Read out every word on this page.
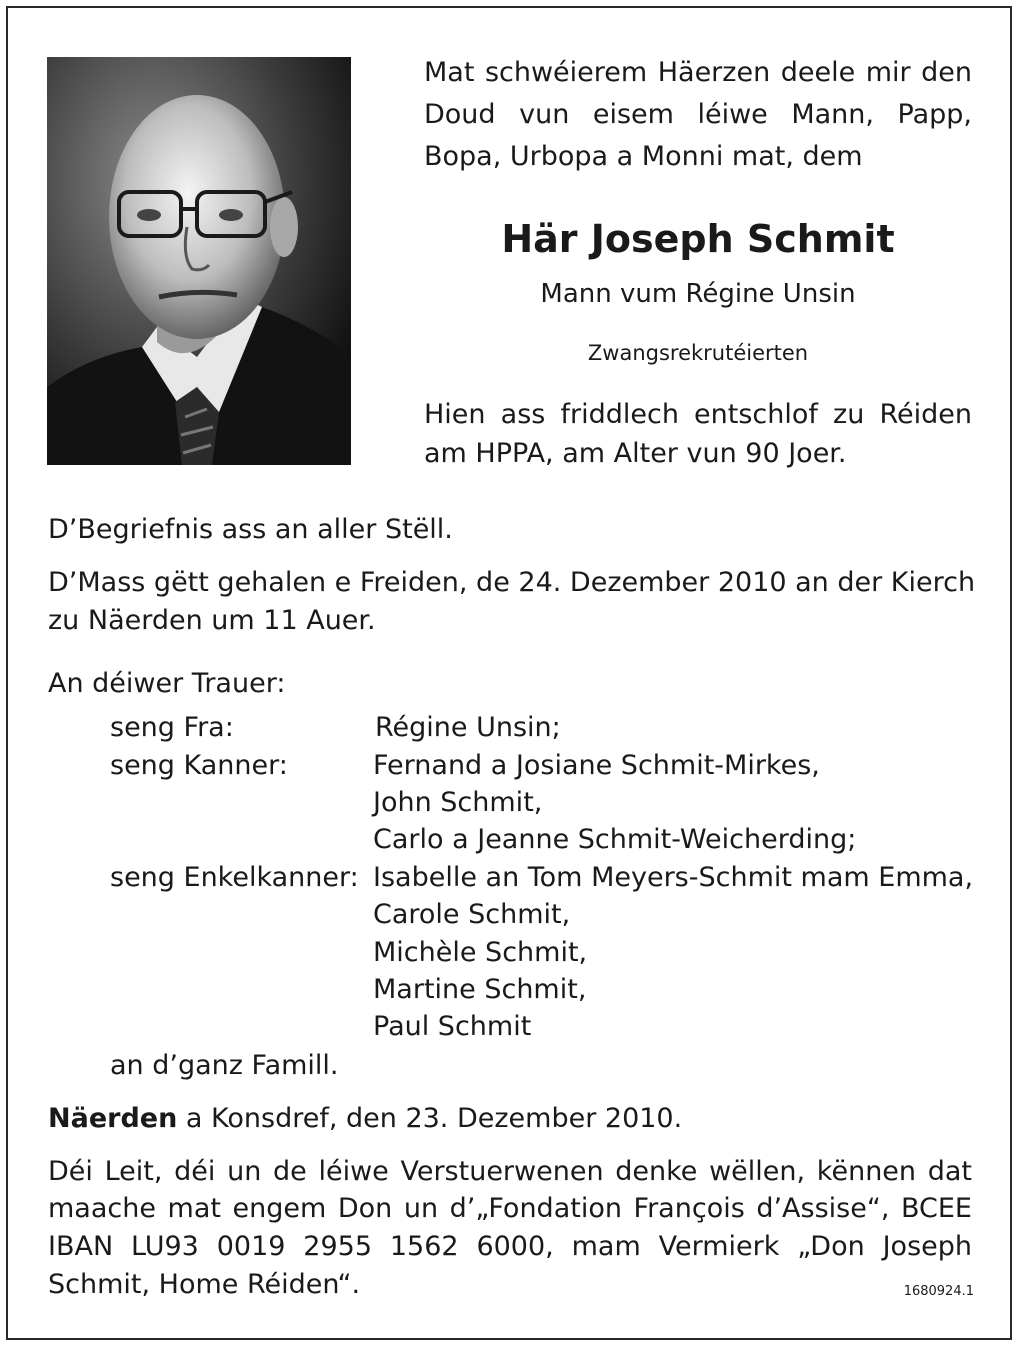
Mat schwéierem Häerzen deele mir den
Doud vun eisem léiwe Mann, Papp,
Bopa, Urbopa a Monni mat, dem
Här Joseph Schmit
Mann vum Régine Unsin
Zwangsrekrutéierten
Hien ass friddlech entschlof zu Réiden
am HPPA, am Alter vun 90 Joer.
D’Begriefnis ass an aller Stëll.
D’Mass gëtt gehalen e Freiden, de 24. Dezember 2010 an der Kierch
zu Näerden um 11 Auer.
An déiwer Trauer:
seng Fra:	Régine Unsin;
seng Kanner:	Fernand a Josiane Schmit-Mirkes,
John Schmit,
Carlo a Jeanne Schmit-Weicherding;
seng Enkelkanner: Isabelle an Tom Meyers-Schmit mam Emma,
Carole Schmit,
Michèle Schmit,
Martine Schmit,
Paul Schmit
an d’ganz Famill.
Näerden a Konsdref, den 23. Dezember 2010.
Déi Leit, déi un de léiwe Verstuerwenen denke wëllen, kënnen dat
maache mat engem Don un d’„Fondation François d’Assise“, BCEE
IBAN LU93 0019 2955 1562 6000, mam Vermierk „Don Joseph
Schmit, Home Réiden“.	1680924.1
